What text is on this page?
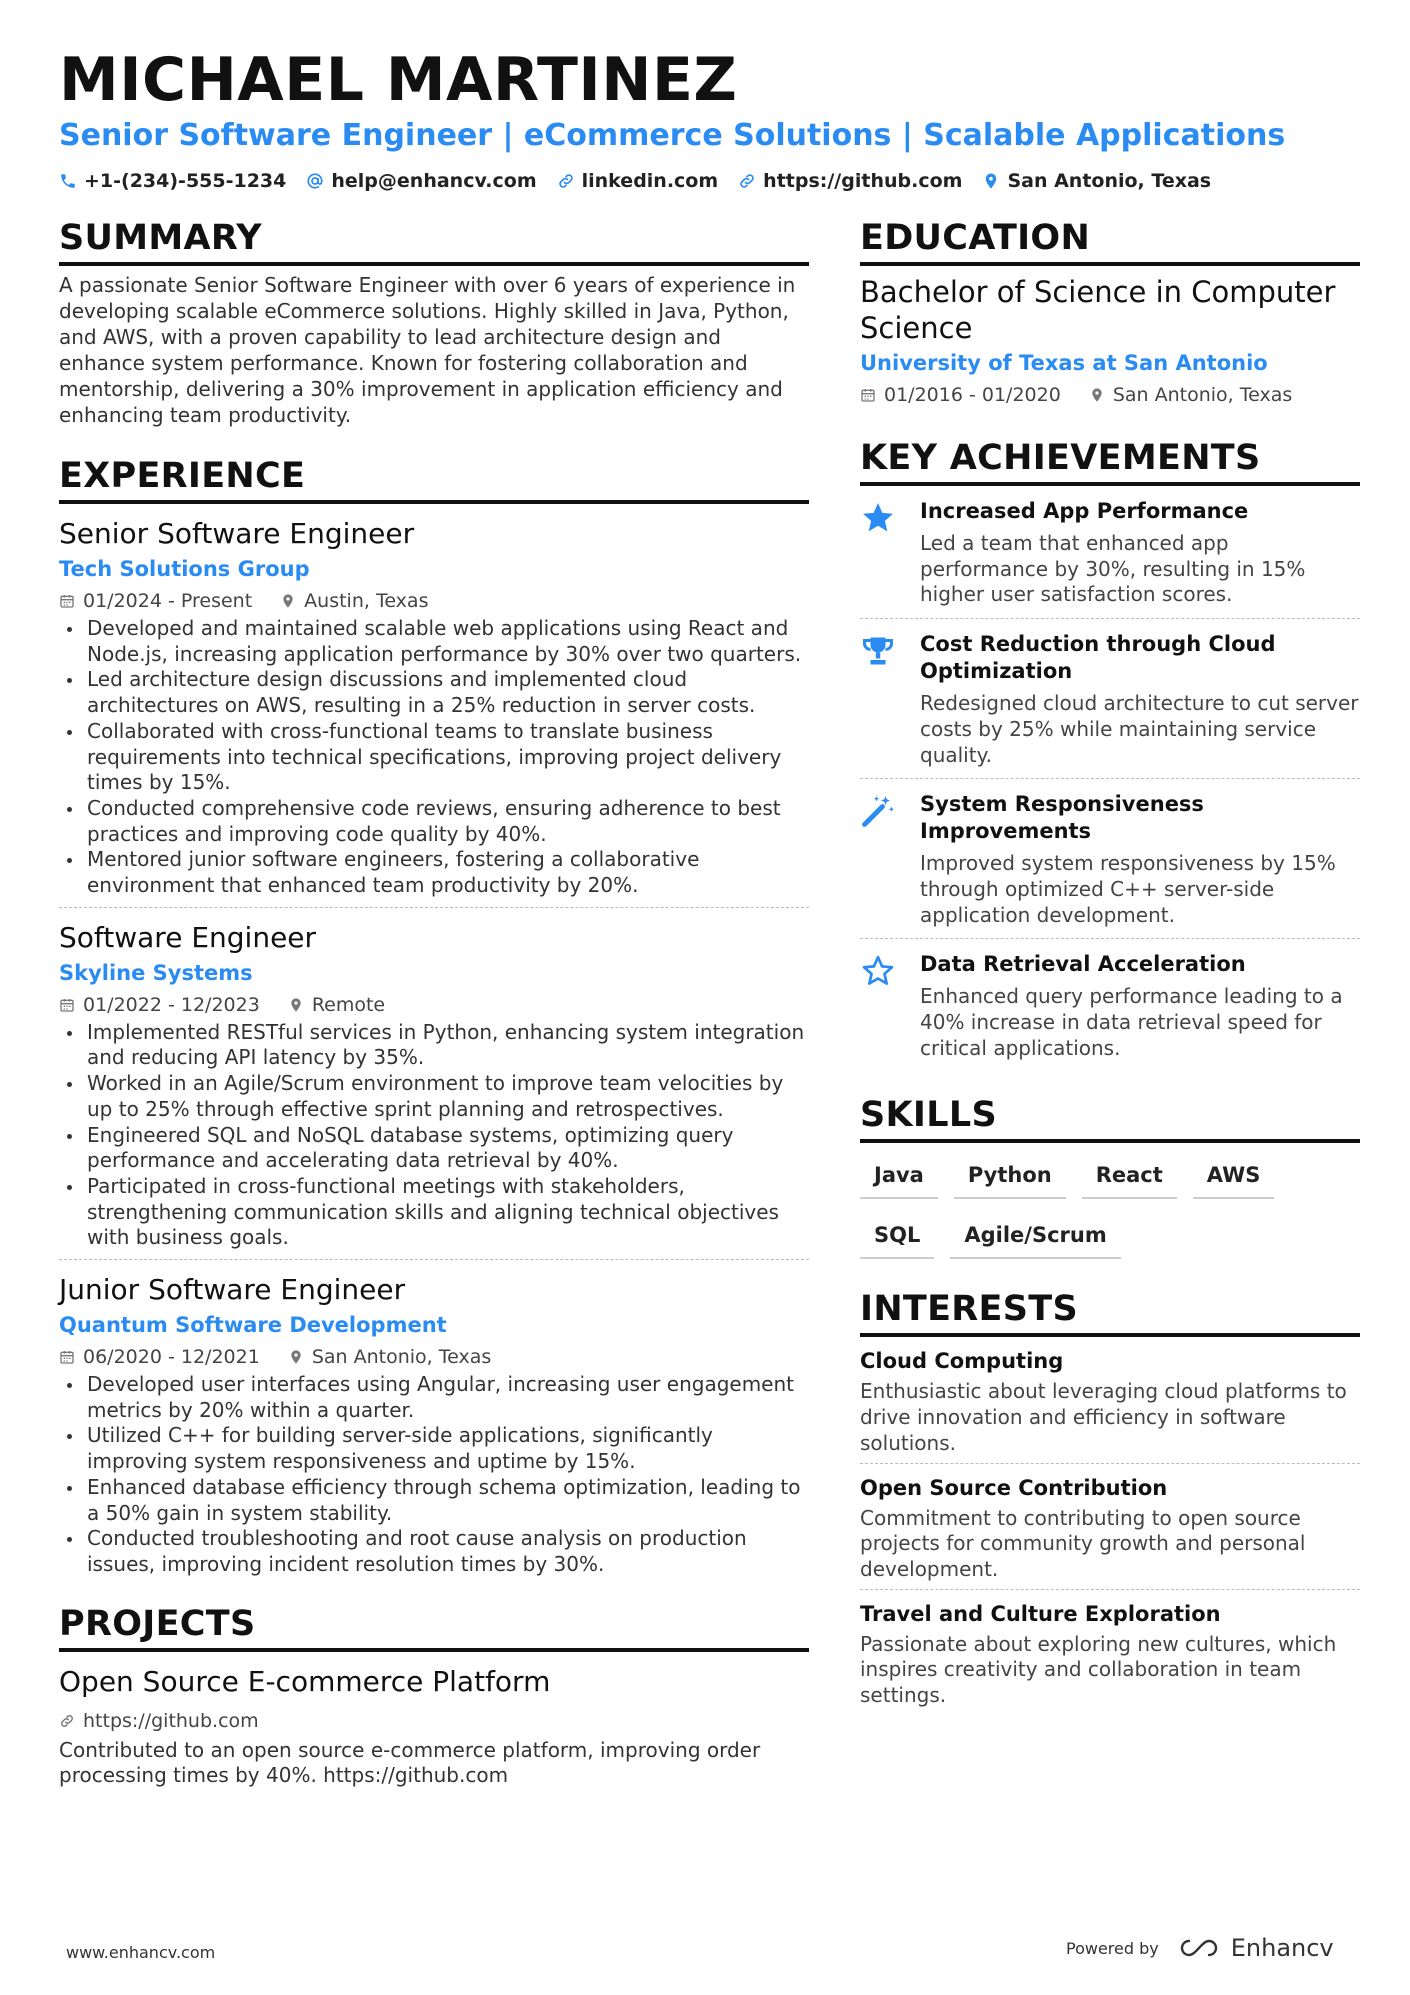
MICHAEL MARTINEZ
Senior Software Engineer | eCommerce Solutions | Scalable Applications
+1-(234)-555-1234 help@enhancv.com linkedin.com https://github.com San Antonio, Texas
SUMMARY
A passionate Senior Software Engineer with over 6 years of experience in developing scalable eCommerce solutions. Highly skilled in Java, Python, and AWS, with a proven capability to lead architecture design and enhance system performance. Known for fostering collaboration and mentorship, delivering a 30% improvement in application efficiency and enhancing team productivity.
EXPERIENCE
Senior Software Engineer
Tech Solutions Group
01/2024 - Present	Austin, Texas
Developed and maintained scalable web applications using React and Node.js, increasing application performance by 30% over two quarters.
Led architecture design discussions and implemented cloud architectures on AWS, resulting in a 25% reduction in server costs.
Collaborated with cross-functional teams to translate business requirements into technical specifications, improving project delivery times by 15%.
Conducted comprehensive code reviews, ensuring adherence to best practices and improving code quality by 40%.
Mentored junior software engineers, fostering a collaborative environment that enhanced team productivity by 20%.
Software Engineer
Skyline Systems
01/2022 - 12/2023	Remote
Implemented RESTful services in Python, enhancing system integration and reducing API latency by 35%.
Worked in an Agile/Scrum environment to improve team velocities by up to 25% through effective sprint planning and retrospectives.
Engineered SQL and NoSQL database systems, optimizing query performance and accelerating data retrieval by 40%.
Participated in cross-functional meetings with stakeholders, strengthening communication skills and aligning technical objectives with business goals.
Junior Software Engineer
Quantum Software Development
06/2020 - 12/2021	San Antonio, Texas
Developed user interfaces using Angular, increasing user engagement metrics by 20% within a quarter.
Utilized C++ for building server-side applications, significantly improving system responsiveness and uptime by 15%.
Enhanced database efficiency through schema optimization, leading to a 50% gain in system stability.
Conducted troubleshooting and root cause analysis on production issues, improving incident resolution times by 30%.
PROJECTS
Open Source E-commerce Platform
https://github.com
Contributed to an open source e-commerce platform, improving order processing times by 40%. https://github.com
EDUCATION
Bachelor of Science in Computer Science
University of Texas at San Antonio
01/2016 - 01/2020	San Antonio, Texas
KEY ACHIEVEMENTS
Increased App Performance
Led a team that enhanced app performance by 30%, resulting in 15% higher user satisfaction scores.
Cost Reduction through Cloud Optimization
Redesigned cloud architecture to cut server costs by 25% while maintaining service quality.
System Responsiveness Improvements
Improved system responsiveness by 15% through optimized C++ server-side application development.
Data Retrieval Acceleration
Enhanced query performance leading to a 40% increase in data retrieval speed for critical applications.
SKILLS
Java	Python	React	AWS
SQL	Agile/Scrum
INTERESTS
Cloud Computing
Enthusiastic about leveraging cloud platforms to drive innovation and efficiency in software solutions.
Open Source Contribution
Commitment to contributing to open source projects for community growth and personal development.
Travel and Culture Exploration
Passionate about exploring new cultures, which inspires creativity and collaboration in team settings.
www.enhancv.com	Powered by	Enhancv
